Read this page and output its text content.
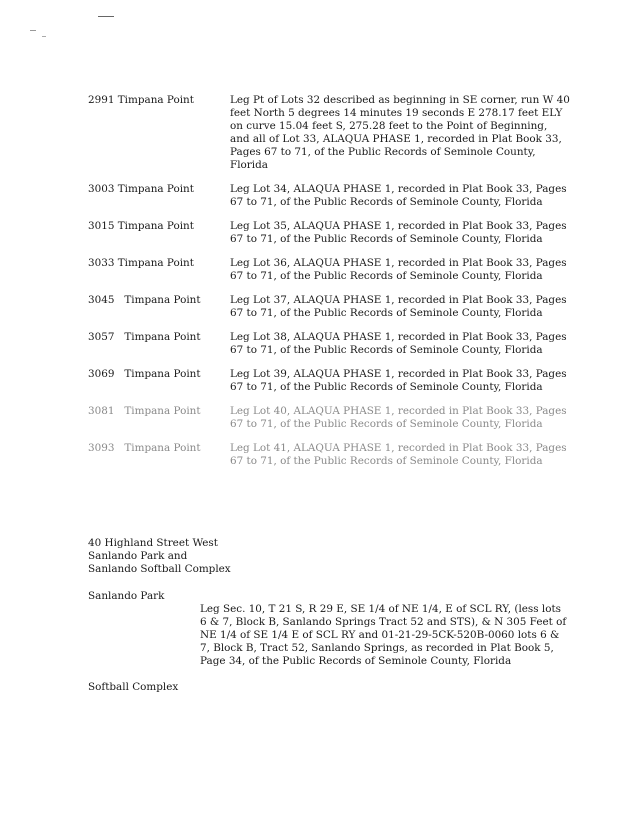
2991 Timpana Point	Leg Pt of Lots 32 described as beginning in SE corner, run W 40
feet North 5 degrees 14 minutes 19 seconds E 278.17 feet ELY
on curve 15.04 feet S, 275.28 feet to the Point of Beginning,
and all of Lot 33, ALAQUA PHASE 1, recorded in Plat Book 33,
Pages 67 to 71, of the Public Records of Seminole County,
Florida
3003 Timpana Point	Leg Lot 34, ALAQUA PHASE 1, recorded in Plat Book 33, Pages
67 to 71, of the Public Records of Seminole County, Florida
3015 Timpana Point	Leg Lot 35, ALAQUA PHASE 1, recorded in Plat Book 33, Pages
67 to 71, of the Public Records of Seminole County, Florida
3033 Timpana Point	Leg Lot 36, ALAQUA PHASE 1, recorded in Plat Book 33, Pages
67 to 71, of the Public Records of Seminole County, Florida
3045   Timpana Point	Leg Lot 37, ALAQUA PHASE 1, recorded in Plat Book 33, Pages
67 to 71, of the Public Records of Seminole County, Florida
3057   Timpana Point	Leg Lot 38, ALAQUA PHASE 1, recorded in Plat Book 33, Pages
67 to 71, of the Public Records of Seminole County, Florida
3069   Timpana Point	Leg Lot 39, ALAQUA PHASE 1, recorded in Plat Book 33, Pages
67 to 71, of the Public Records of Seminole County, Florida
3081   Timpana Point	Leg Lot 40, ALAQUA PHASE 1, recorded in Plat Book 33, Pages
67 to 71, of the Public Records of Seminole County, Florida
3093   Timpana Point	Leg Lot 41, ALAQUA PHASE 1, recorded in Plat Book 33, Pages
67 to 71, of the Public Records of Seminole County, Florida
40 Highland Street West
Sanlando Park and
Sanlando Softball Complex
Sanlando Park
Leg Sec. 10, T 21 S, R 29 E, SE 1/4 of NE 1/4, E of SCL RY, (less lots
6 & 7, Block B, Sanlando Springs Tract 52 and STS), & N 305 Feet of
NE 1/4 of SE 1/4 E of SCL RY and 01-21-29-5CK-520B-0060 lots 6 &
7, Block B, Tract 52, Sanlando Springs, as recorded in Plat Book 5,
Page 34, of the Public Records of Seminole County, Florida
Softball Complex
